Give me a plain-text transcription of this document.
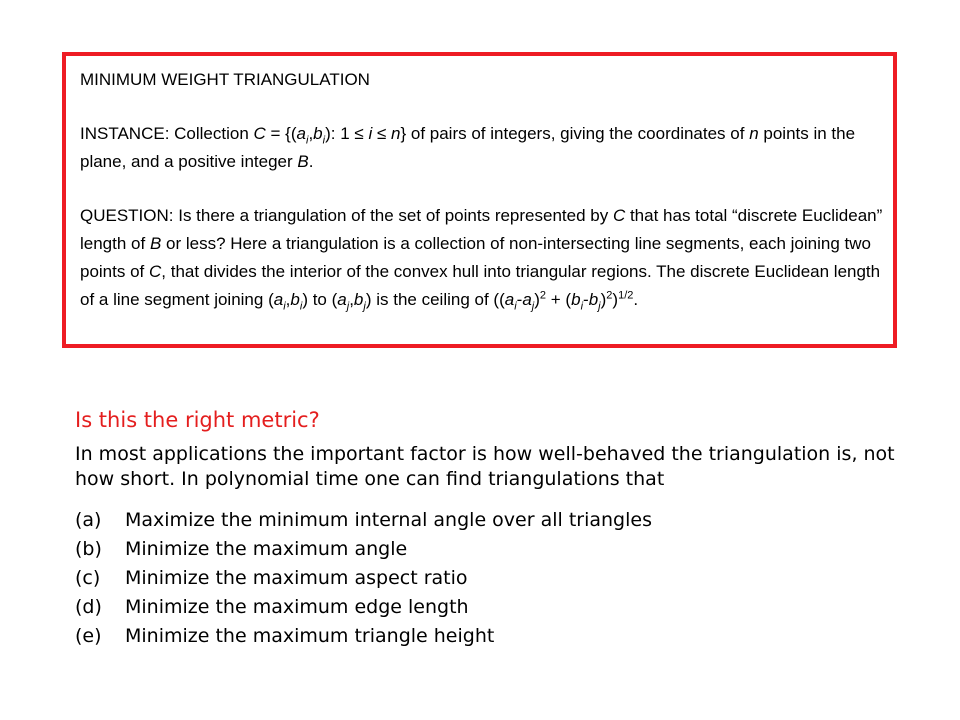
MINIMUM WEIGHT TRIANGULATION

INSTANCE: Collection $C = \{(a_i,b_i)$: 1 ≤ i ≤ n} of pairs of integers, giving the coordinates of n points in the plane, and a positive integer B.

QUESTION: Is there a triangulation of the set of points represented by C that has total “discrete Euclidean” length of B or less? Here a triangulation is a collection of non-intersecting line segments, each joining two points of C, that divides the interior of the convex hull into triangular regions. The discrete Euclidean length of a line segment joining $(a_i,b_i)$ to $(a_j,b_j)$ is the ceiling of $((a_i-a_j)^2 + (b_i-b_j)^2)^{1/2}$.

Is this the right metric?

In most applications the important factor is how well-behaved the triangulation is, not how short. In polynomial time one can find triangulations that

(a)	Maximize the minimum internal angle over all triangles
(b)	Minimize the maximum angle
(c)	Minimize the maximum aspect ratio
(d)	Minimize the maximum edge length
(e)	Minimize the maximum triangle height
